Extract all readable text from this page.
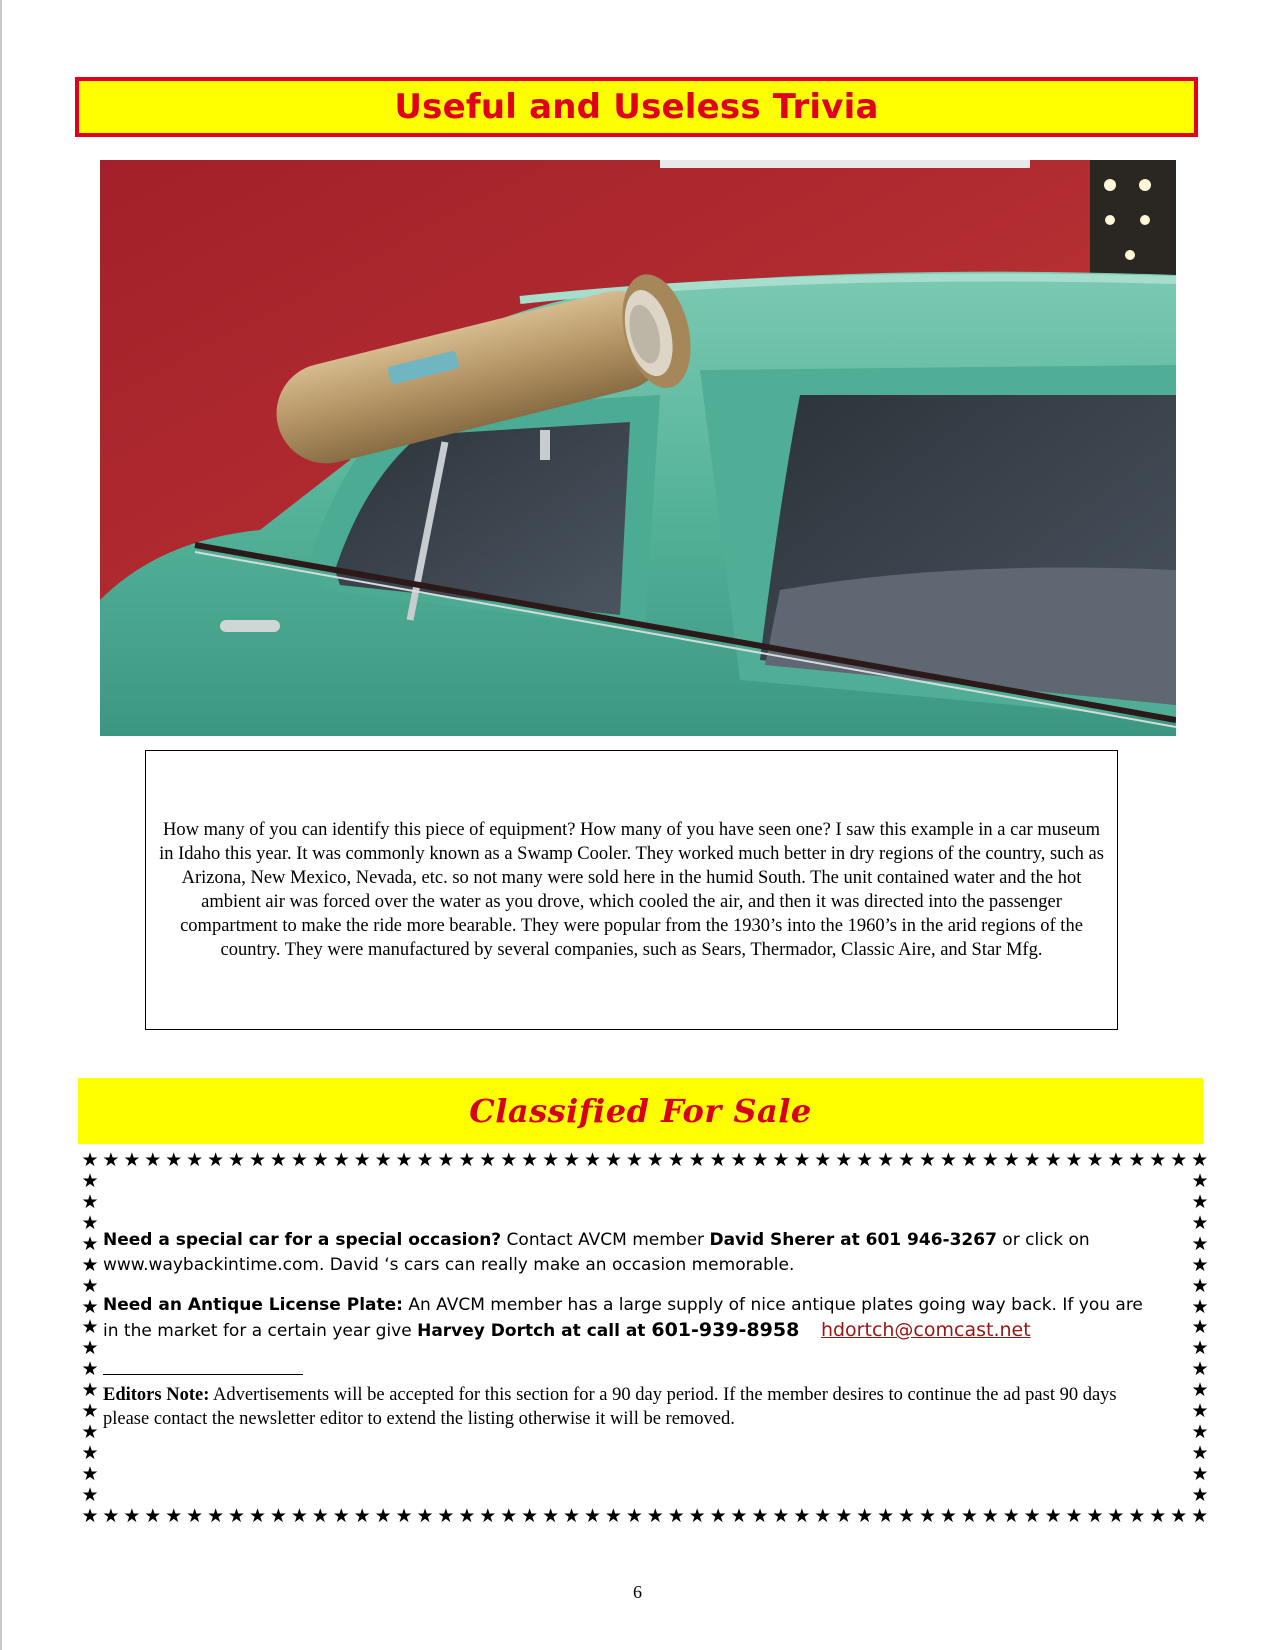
Useful and Useless Trivia

How many of you can identify this piece of equipment? How many of you have seen one? I saw this example in a car museum in Idaho this year. It was commonly known as a Swamp Cooler. They worked much better in dry regions of the country, such as Arizona, New Mexico, Nevada, etc. so not many were sold here in the humid South. The unit contained water and the hot ambient air was forced over the water as you drove, which cooled the air, and then it was directed into the passenger compartment to make the ride more bearable. They were popular from the 1930’s into the 1960’s in the arid regions of the country. They were manufactured by several companies, such as Sears, Thermador, Classic Aire, and Star Mfg.

Classified For Sale
★ ★ ★ ★ ★ ★ ★ ★ ★ ★ ★ ★ ★ ★ ★ ★ ★ ★ ★ ★ ★ ★ ★ ★ ★ ★ ★ ★ ★ ★ ★ ★ ★ ★ ★ ★ ★ ★ ★ ★ ★ ★ ★ ★ ★ ★ ★ ★ ★ ★ ★ ★ ★ ★
★ ★ ★ ★ ★ ★ ★ ★ ★ ★ ★ ★ ★ ★ ★ ★ ★ ★ ★ ★ ★ ★ ★ ★ ★ ★ ★ ★ ★ ★ ★ ★ ★ ★ ★ ★ ★ ★ ★ ★ ★ ★ ★ ★ ★ ★ ★ ★ ★ ★ ★ ★ ★ ★
★
★
★
★
★
★
★
★
★
★
★
★
★
★
★
★
★
★
★
★
★
★
★
★
★
★
★
★
★
★
★
★

Need a special car for a special occasion? Contact AVCM member David Sherer at 601 946-3267 or click on www.waybackintime.com. David ‘s cars can really make an occasion memorable.

Need an Antique License Plate: An AVCM member has a large supply of nice antique plates going way back. If you are in the market for a certain year give Harvey Dortch at call at 601-939-8958 hdortch@comcast.net

Editors Note: Advertisements will be accepted for this section for a 90 day period. If the member desires to continue the ad past 90 days please contact the newsletter editor to extend the listing otherwise it will be removed.

6
